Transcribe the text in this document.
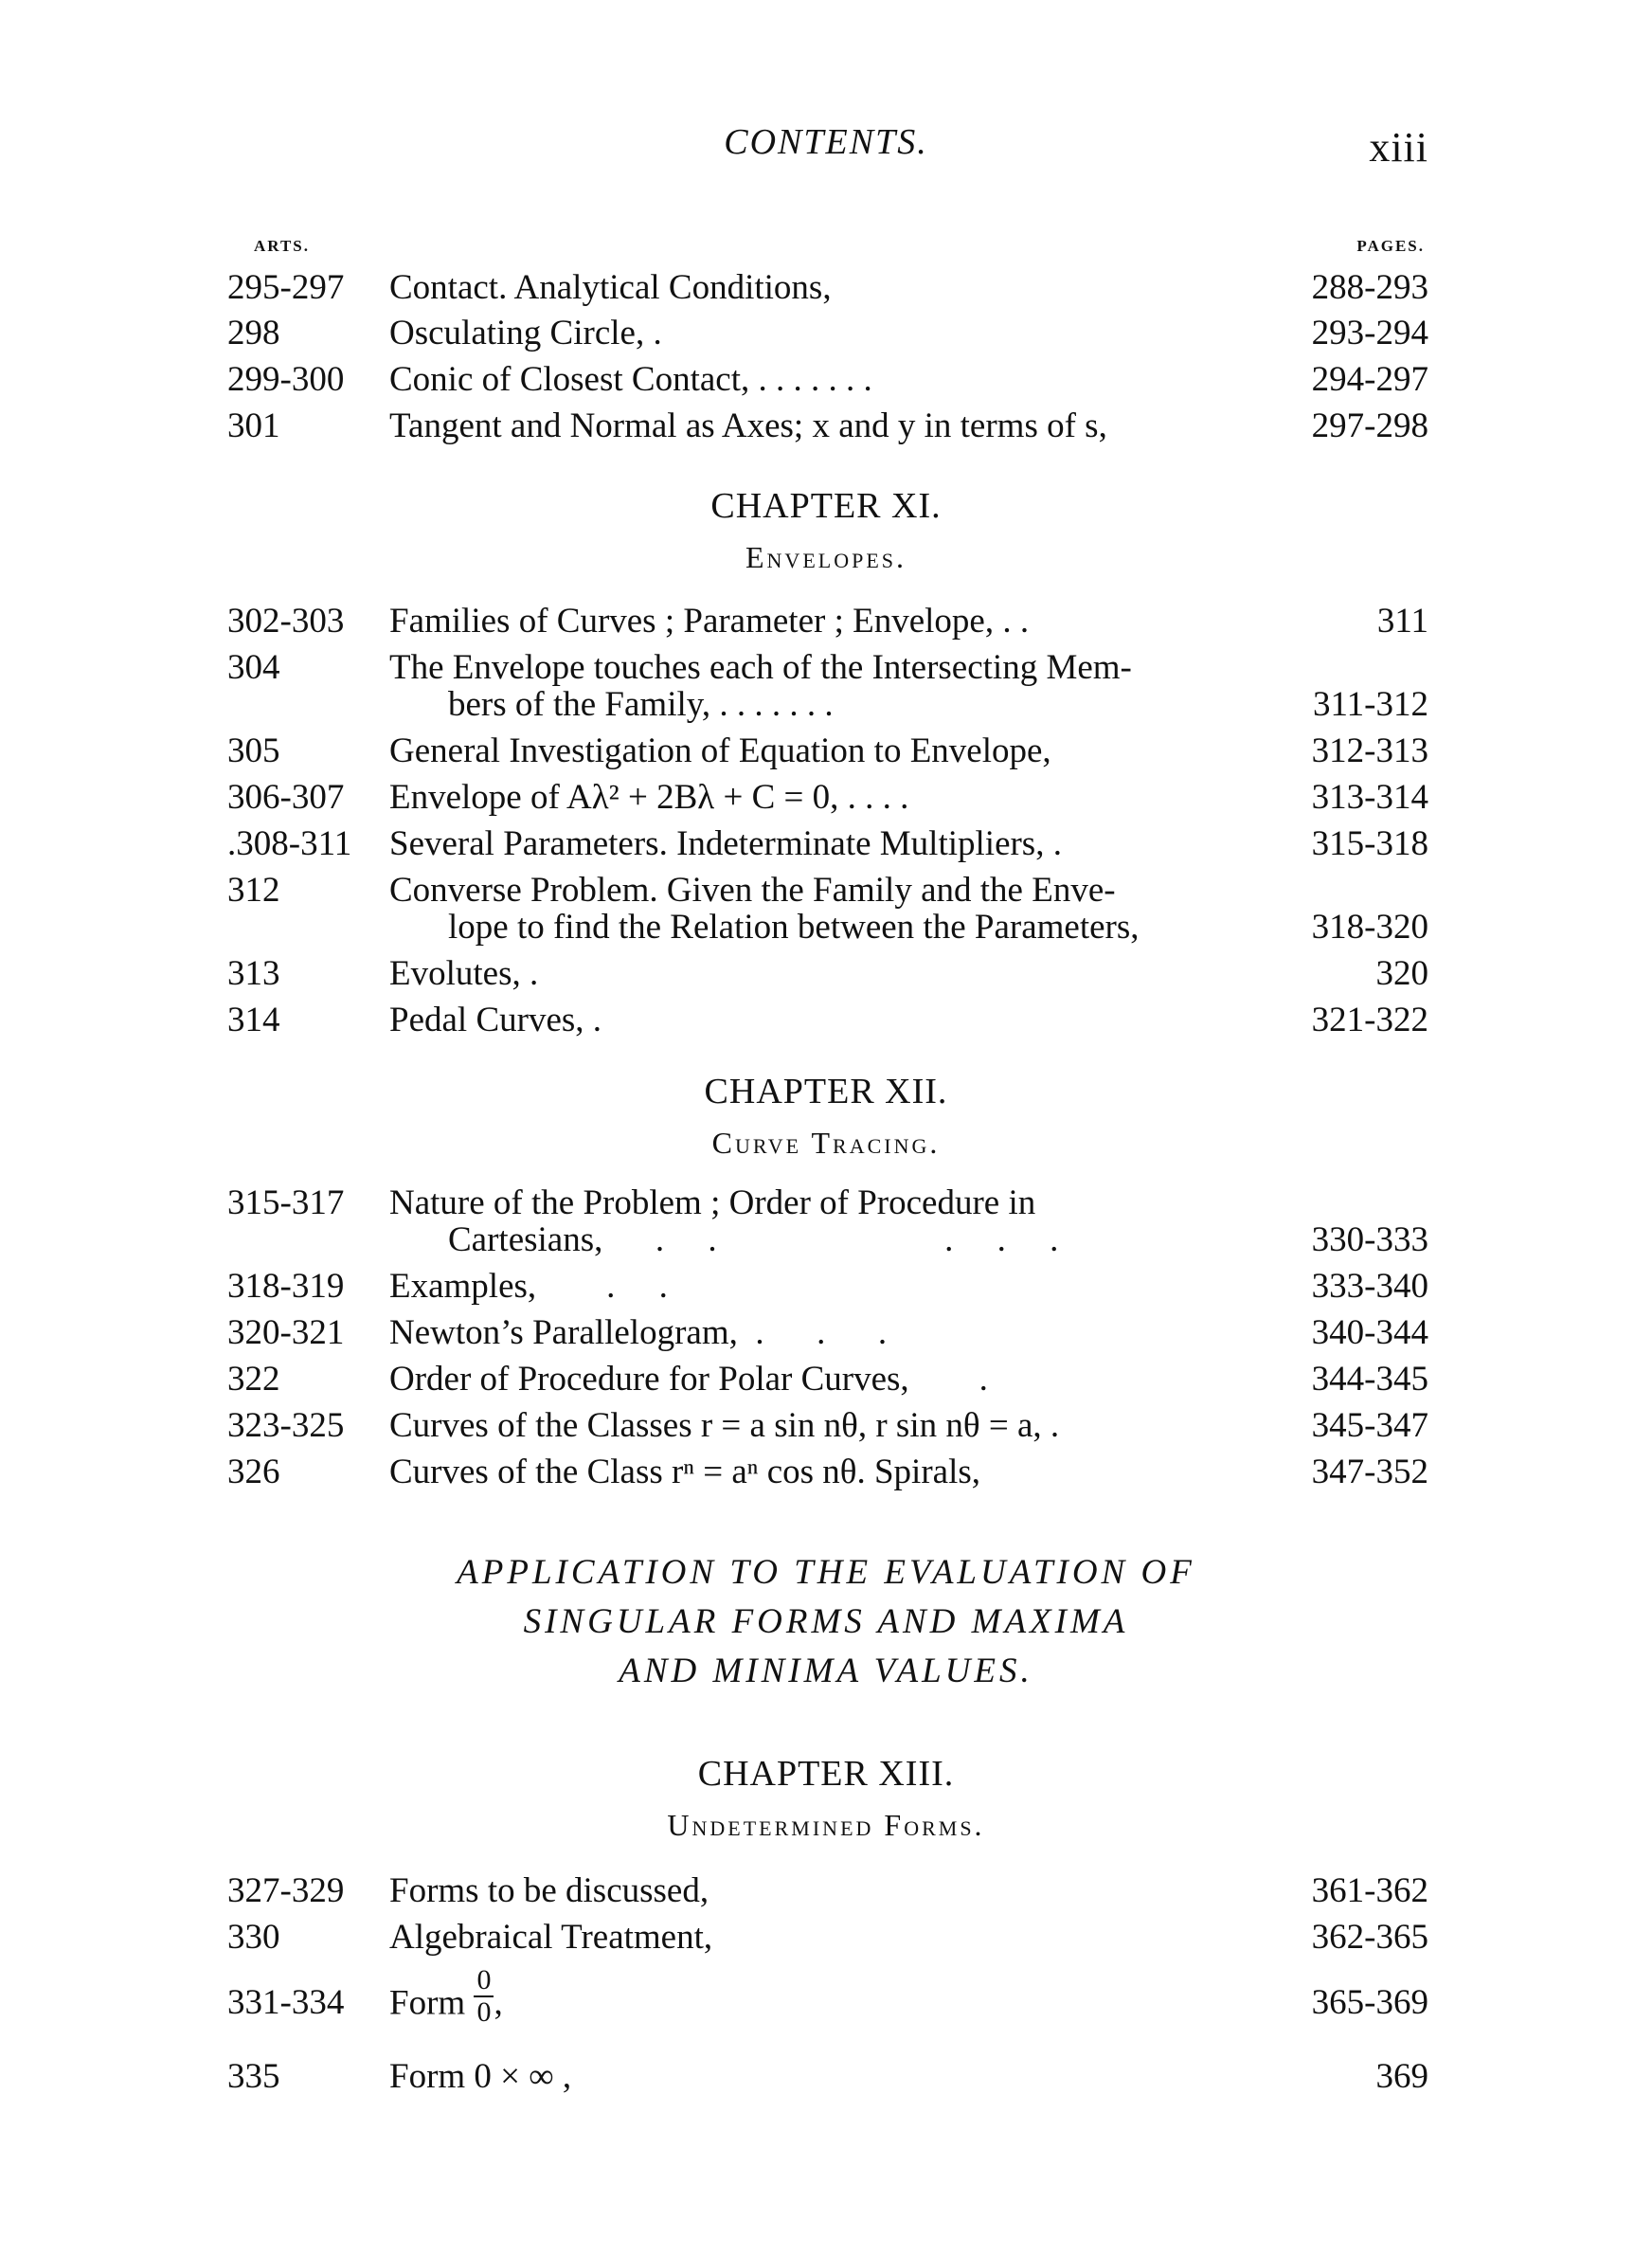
CONTENTS.	xiii
ARTS.	PAGES.
295-297 Contact. Analytical Conditions,	288-293
298	Osculating Circle, .	293-294
299-300 Conic of Closest Contact, . . . . . . .	294-297
301	Tangent and Normal as Axes; x and y in terms of s,	297-298
CHAPTER XI.
Envelopes.
302-303 Families of Curves ; Parameter ; Envelope, . .	311
304	The Envelope touches each of the Intersecting Mem-
bers of the Family, . . . . . . .	311-312
305	General Investigation of Equation to Envelope,	312-313
306-307 Envelope of Aλ² + 2Bλ + C = 0, . . . .	313-314
.308-311 Several Parameters. Indeterminate Multipliers, .	315-318
312	Converse Problem. Given the Family and the Enve-
lope to find the Relation between the Parameters,	318-320
313	Evolutes, .	320
314	Pedal Curves, .	321-322
CHAPTER XII.
Curve Tracing.
315-317 Nature of the Problem ; Order of Procedure in
Cartesians,      .     .                          .     .     .	330-333
318-319 Examples,        .     .	333-340
320-321 Newton’s Parallelogram,  .      .      .	340-344
322	Order of Procedure for Polar Curves,        .	344-345
323-325 Curves of the Classes r = a sin nθ, r sin nθ = a, .	345-347
326	Curves of the Class rⁿ = aⁿ cos nθ. Spirals,	347-352
APPLICATION TO THE EVALUATION OF
SINGULAR FORMS AND MAXIMA
AND MINIMA VALUES.
CHAPTER XIII.
Undetermined Forms.
327-329 Forms to be discussed,	361-362
330	Algebraical Treatment,	362-365
331-334 Form $\frac{0}{0}$ ,	365-369
335	Form 0 × ∞ ,	369
